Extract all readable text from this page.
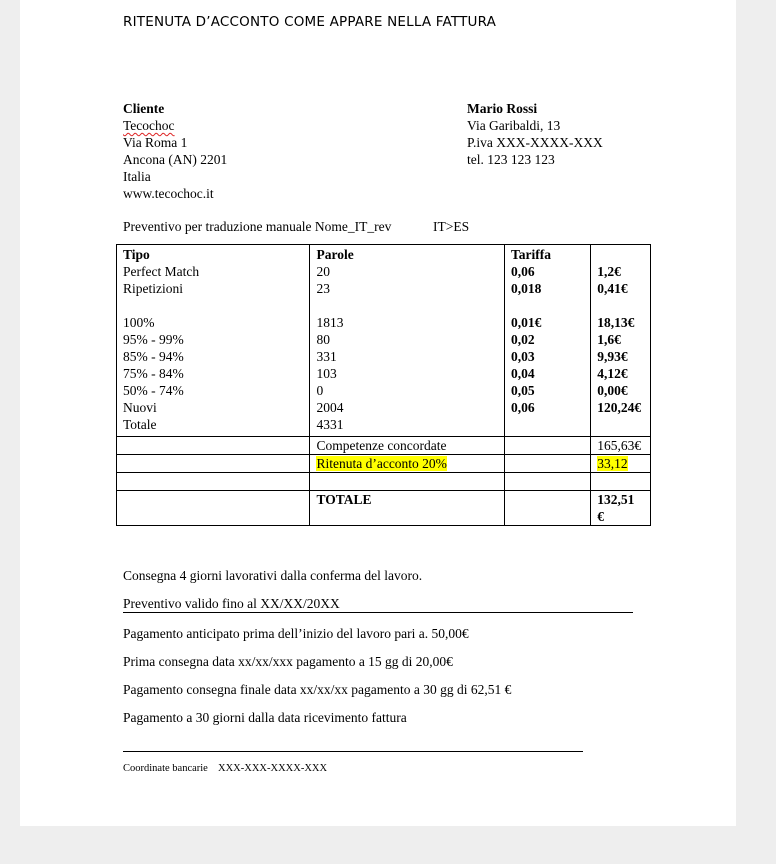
RITENUTA D’ACCONTO COME APPARE NELLA FATTURA
Cliente
Tecochoc
Via Roma 1
Ancona (AN) 2201
Italia
www.tecochoc.it
Mario Rossi
Via Garibaldi, 13
P.iva XXX-XXXX-XXX
tel. 123 123 123
Preventivo per traduzione manuale Nome_IT_rev	IT>ES
Tipo	Parole	Tariffa	
Perfect Match	20	0,06	1,2€
Ripetizioni	23	0,018	0,41€

100%	1813	0,01€	18,13€
95% - 99%	80	0,02	1,6€
85% - 94%	331	0,03	9,93€
75% - 84%	103	0,04	4,12€
50% - 74%	0	0,05	0,00€
Nuovi	2004	0,06	120,24€
Totale	4331		
	Competenze concordate		165,63€
	Ritenuta d’acconto 20%		33,12

	TOTALE		132,51 €
Consegna 4 giorni lavorativi dalla conferma del lavoro.
Preventivo valido fino al XX/XX/20XX
Pagamento anticipato prima dell’inizio del lavoro pari a. 50,00€
Prima consegna data xx/xx/xxx pagamento a 15 gg di 20,00€
Pagamento consegna finale data xx/xx/xx pagamento a 30 gg di 62,51 €
Pagamento a 30 giorni dalla data ricevimento fattura
Coordinate bancarie XXX-XXX-XXXX-XXX
